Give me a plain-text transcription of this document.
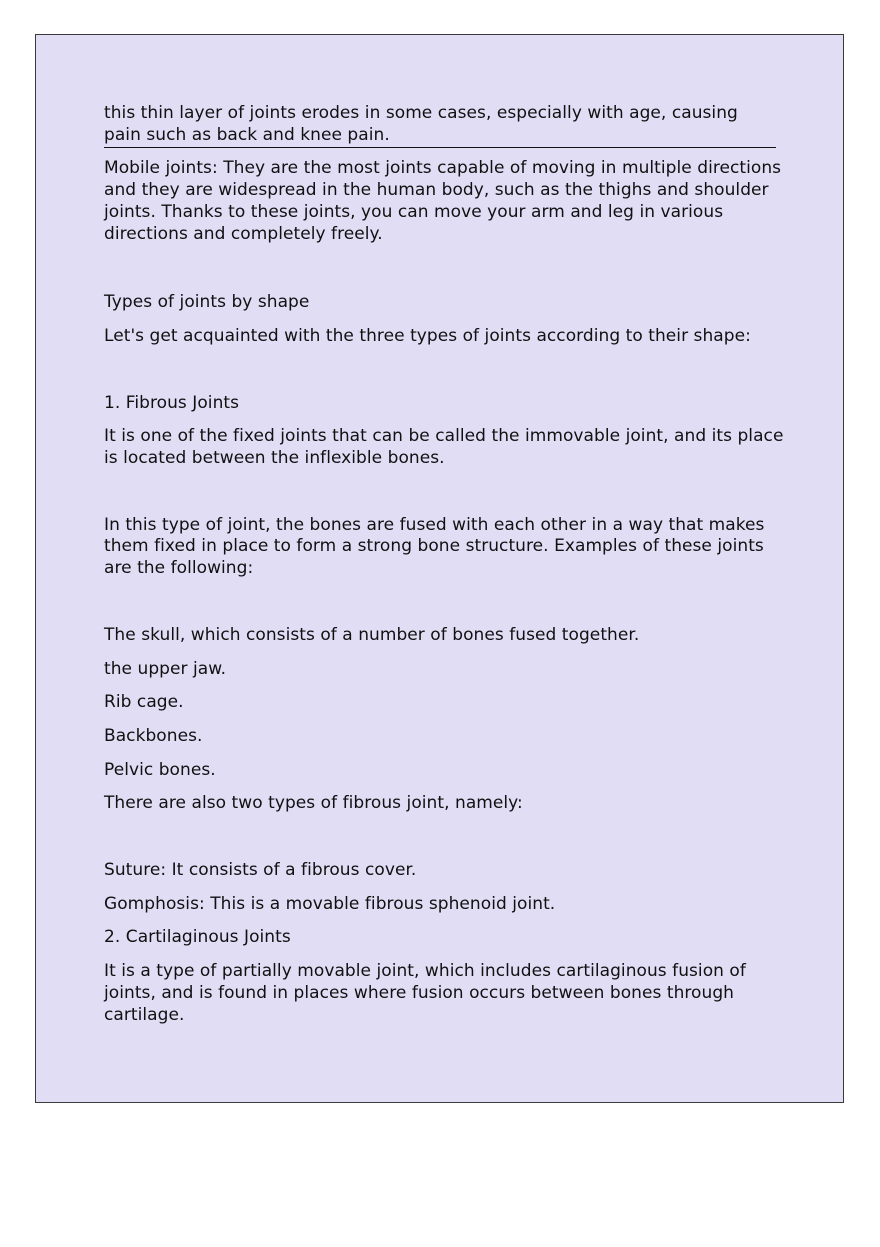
this thin layer of joints erodes in some cases, especially with age, causing pain such as back and knee pain.

Mobile joints: They are the most joints capable of moving in multiple directions and they are widespread in the human body, such as the thighs and shoulder joints. Thanks to these joints, you can move your arm and leg in various directions and completely freely.

Types of joints by shape

Let's get acquainted with the three types of joints according to their shape:

1. Fibrous Joints

It is one of the fixed joints that can be called the immovable joint, and its place is located between the inflexible bones.

In this type of joint, the bones are fused with each other in a way that makes them fixed in place to form a strong bone structure. Examples of these joints are the following:

The skull, which consists of a number of bones fused together.

the upper jaw.

Rib cage.

Backbones.

Pelvic bones.

There are also two types of fibrous joint, namely:

Suture: It consists of a fibrous cover.

Gomphosis: This is a movable fibrous sphenoid joint.

2. Cartilaginous Joints

It is a type of partially movable joint, which includes cartilaginous fusion of joints, and is found in places where fusion occurs between bones through cartilage.
